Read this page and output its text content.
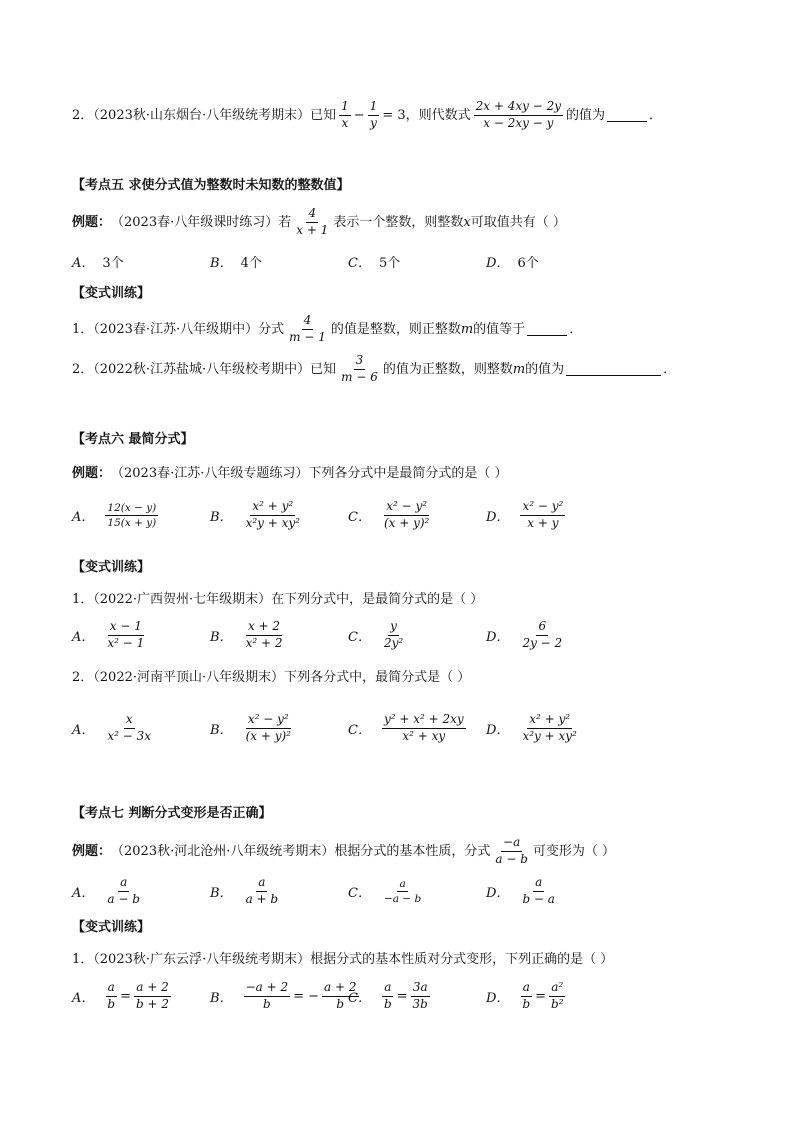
2．（2023秋·山东烟台·八年级统考期末）已知 $\frac{1}{x} - \frac{1}{y} = 3$ ，则代数式 $\frac{2x + 4xy - 2y}{x - 2xy - y}$ 的值为	．
【考点五 求使分式值为整数时未知数的整数值】
例题： （2023春·八年级课时练习）若 $\frac{4}{x + 1}$ 表示一个整数，则整数 x 可取值共有（ ）
A． 3个	B． 4个	C． 5个	D． 6个
【变式训练】
1．（2023春·江苏·八年级期中）分式 $\frac{4}{m - 1}$ 的值是整数，则正整数 m 的值等于	．
2．（2022秋·江苏盐城·八年级校考期中）已知 $\frac{3}{m - 6}$ 的值为正整数，则整数 m 的值为	．
【考点六 最简分式】
例题： （2023春·江苏·八年级专题练习）下列各分式中是最简分式的是（ ）
A． $\frac{12(x - y)}{15(x + y)}$	B． $\frac{\text{x² + y²}}{\text{x²y + xy²}}$	C． $\frac{\text{x² − y²}}{\text{(x + y)²}}$	D． $\frac{\text{x² − y²}}{x + y}$
【变式训练】
1．（2022·广西贺州·七年级期末）在下列分式中，是最简分式的是（ ）
A． $\frac{x - 1}{\text{x² − 1}}$	B． $\frac{x + 2}{\text{x² + 2}}$	C． $\frac{y}{\text{2y²}}$	D． $\frac{6}{2y - 2}$
2．（2022·河南平顶山·八年级期末）下列各分式中，最简分式是（ ）
A． $\frac{x}{\text{x² − 3x}}$	B． $\frac{\text{x² − y²}}{\text{(x + y)²}}$	C． $\frac{\text{y² + x² + 2xy}}{\text{x² + xy}}$ D． $\frac{\text{x² + y²}}{\text{x²y + xy²}}$
【考点七 判断分式变形是否正确】
例题： （2023秋·河北沧州·八年级统考期末）根据分式的基本性质，分式 $\frac{-a}{a - b}$ 可变形为（ ）
A． $\frac{a}{a - b}$	B． $\frac{a}{a + b}$	C． $\frac{a}{-a - b}$	D． $\frac{a}{b - a}$
【变式训练】
1．（2023秋·广东云浮·八年级统考期末）根据分式的基本性质对分式变形，下列正确的是（ ）
A． $\frac{a}{b} = \frac{a + 2}{b + 2}$	B． $\frac{-a + 2}{b}$ = − $\frac{a + 2}{b}$
C． $\frac{a}{b} = \frac{3a}{3b}$	D． $\frac{a}{b} = \frac{\text{a²}}{\text{b²}}$
